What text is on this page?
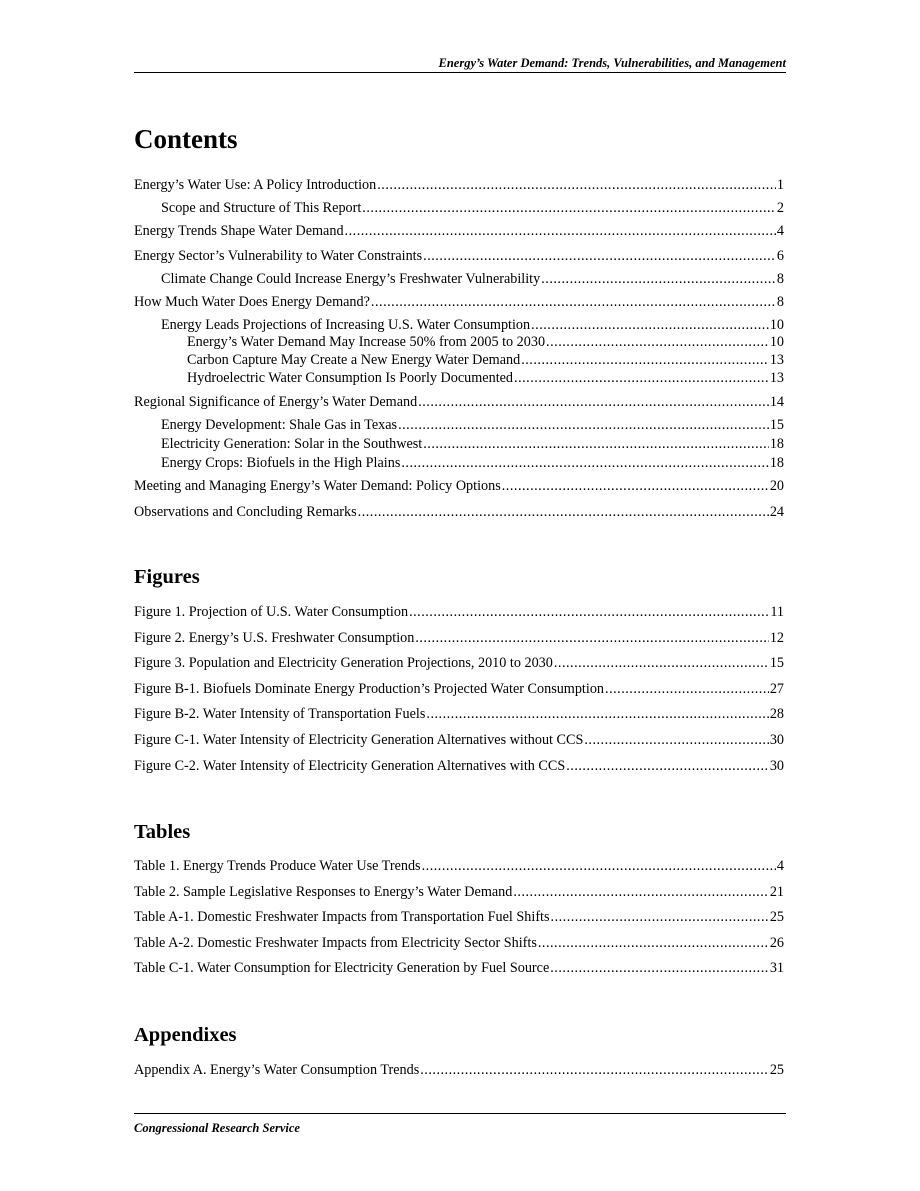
Energy’s Water Demand: Trends, Vulnerabilities, and Management
Contents
Energy’s Water Use: A Policy Introduction .....	1
Scope and Structure of This Report .....	2
Energy Trends Shape Water Demand .....	4
Energy Sector’s Vulnerability to Water Constraints .....	6
Climate Change Could Increase Energy’s Freshwater Vulnerability .....	8
How Much Water Does Energy Demand? .....	8
Energy Leads Projections of Increasing U.S. Water Consumption .....	10
Energy’s Water Demand May Increase 50% from 2005 to 2030 .....	10
Carbon Capture May Create a New Energy Water Demand .....	13
Hydroelectric Water Consumption Is Poorly Documented .....	13
Regional Significance of Energy’s Water Demand .....	14
Energy Development: Shale Gas in Texas .....	15
Electricity Generation: Solar in the Southwest .....	18
Energy Crops: Biofuels in the High Plains .....	18
Meeting and Managing Energy’s Water Demand: Policy Options .....	20
Observations and Concluding Remarks .....	24
Figures
Figure 1. Projection of U.S. Water Consumption .....	11
Figure 2. Energy’s U.S. Freshwater Consumption .....	12
Figure 3. Population and Electricity Generation Projections, 2010 to 2030 .....	15
Figure B-1. Biofuels Dominate Energy Production’s Projected Water Consumption .....	27
Figure B-2. Water Intensity of Transportation Fuels .....	28
Figure C-1. Water Intensity of Electricity Generation Alternatives without CCS .....	30
Figure C-2. Water Intensity of Electricity Generation Alternatives with CCS .....	30
Tables
Table 1. Energy Trends Produce Water Use Trends .....	4
Table 2. Sample Legislative Responses to Energy’s Water Demand .....	21
Table A-1. Domestic Freshwater Impacts from Transportation Fuel Shifts .....	25
Table A-2. Domestic Freshwater Impacts from Electricity Sector Shifts .....	26
Table C-1. Water Consumption for Electricity Generation by Fuel Source .....	31
Appendixes
Appendix A. Energy’s Water Consumption Trends .....	25
Congressional Research Service
